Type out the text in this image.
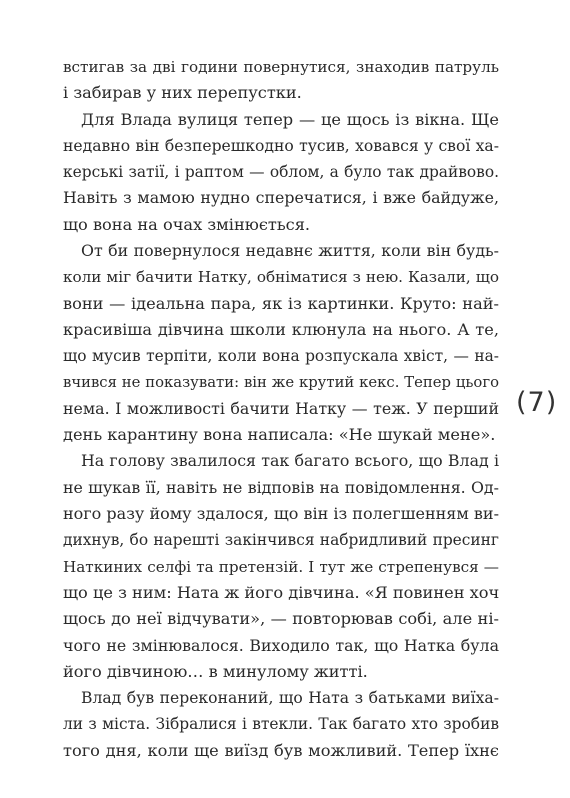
встигав за дві години повернутися, знаходив патруль
і забирав у них перепустки.
Для Влада вулиця тепер — це щось із вікна. Ще
недавно він безперешкодно тусив, ховався у свої ха-
керські затії, і раптом — облом, а було так драйвово.
Навіть з мамою нудно сперечатися, і вже байдуже,
що вона на очах змінюється.
От би повернулося недавнє життя, коли він будь-
коли міг бачити Натку, обніматися з нею. Казали, що
вони — ідеальна пара, як із картинки. Круто: най-
красивіша дівчина школи клюнула на нього. А те,
що мусив терпіти, коли вона розпускала хвіст, — на-
вчився не показувати: він же крутий кекс. Тепер цього
нема. І можливості бачити Натку — теж. У перший
день карантину вона написала: «Не шукай мене».
На голову звалилося так багато всього, що Влад і
не шукав її, навіть не відповів на повідомлення. Од-
ного разу йому здалося, що він із полегшенням ви-
дихнув, бо нарешті закінчився набридливий пресинг
Наткиних селфі та претензій. І тут же стрепенувся —
що це з ним: Ната ж його дівчина. «Я повинен хоч
щось до неї відчувати», — повторював собі, але ні-
чого не змінювалося. Виходило так, що Натка була
його дівчиною… в минулому житті.
Влад був переконаний, що Ната з батьками виїха-
ли з міста. Зібралися і втекли. Так багато хто зробив
того дня, коли ще виїзд був можливий. Тепер їхнє
(7)
